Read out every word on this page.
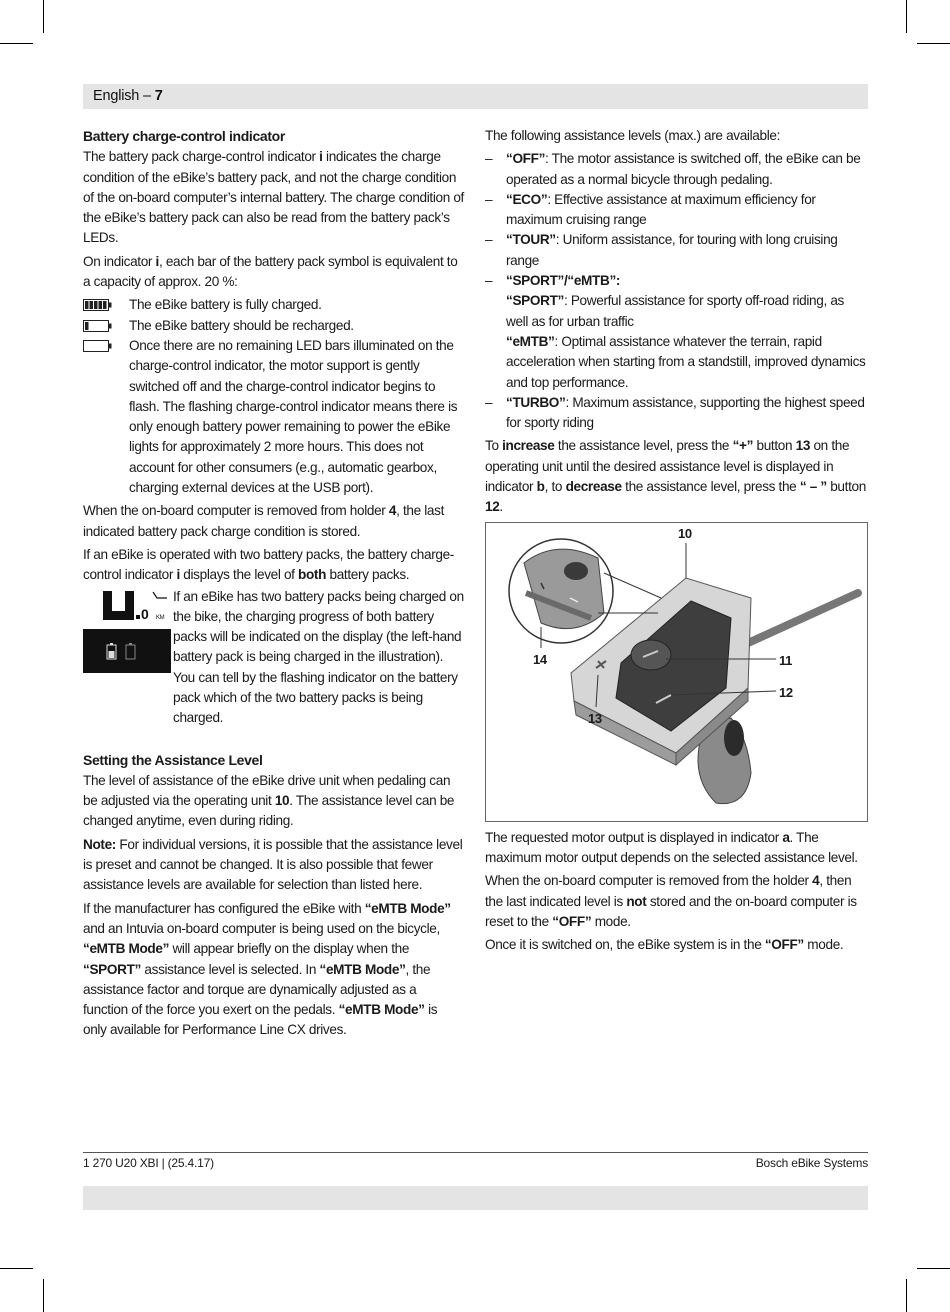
English – 7
Battery charge-control indicator

The battery pack charge-control indicator i indicates the charge condition of the eBike’s battery pack, and not the charge condition of the on-board computer’s internal battery. The charge condition of the eBike’s battery pack can also be read from the battery pack’s LEDs.

On indicator i, each bar of the battery pack symbol is equivalent to a capacity of approx. 20 %:

The eBike battery is fully charged.
The eBike battery should be recharged.
Once there are no remaining LED bars illuminated on the charge-control indicator, the motor support is gently switched off and the charge-control indicator begins to flash. The flashing charge-control indicator means there is only enough battery power remaining to power the eBike lights for approximately 2 more hours. This does not account for other consumers (e.g., automatic gearbox, charging external devices at the USB port).

When the on-board computer is removed from holder 4, the last indicated battery pack charge condition is stored.

If an eBike is operated with two battery packs, the battery charge-control indicator i displays the level of both battery packs.

0 KM
If an eBike has two battery packs being charged on the bike, the charging progress of both battery packs will be indicated on the display (the left-hand battery pack is being charged in the illustration). You can tell by the flashing indicator on the battery pack which of the two battery packs is being charged.
Setting the Assistance Level

The level of assistance of the eBike drive unit when pedaling can be adjusted via the operating unit 10. The assistance level can be changed anytime, even during riding.

Note: For individual versions, it is possible that the assistance level is preset and cannot be changed. It is also possible that fewer assistance levels are available for selection than listed here.

If the manufacturer has configured the eBike with “eMTB Mode” and an Intuvia on-board computer is being used on the bicycle, “eMTB Mode” will appear briefly on the display when the “SPORT” assistance level is selected. In “eMTB Mode”, the assistance factor and torque are dynamically adjusted as a function of the force you exert on the pedals. “eMTB Mode” is only available for Performance Line CX drives.

The following assistance levels (max.) are available:

– “OFF”: The motor assistance is switched off, the eBike can be operated as a normal bicycle through pedaling.
– “ECO”: Effective assistance at maximum efficiency for maximum cruising range
– “TOUR”: Uniform assistance, for touring with long cruising range
– “SPORT”/“eMTB”:
“SPORT”: Powerful assistance for sporty off-road riding, as well as for urban traffic
“eMTB”: Optimal assistance whatever the terrain, rapid acceleration when starting from a standstill, improved dynamics and top performance.
– “TURBO”: Maximum assistance, supporting the highest speed for sporty riding

To increase the assistance level, press the “+” button 13 on the operating unit until the desired assistance level is displayed in indicator b, to decrease the assistance level, press the “ – ” button 12.

10
11
12
13
14

The requested motor output is displayed in indicator a. The maximum motor output depends on the selected assistance level.

When the on-board computer is removed from the holder 4, then the last indicated level is not stored and the on-board computer is reset to the “OFF” mode.

Once it is switched on, the eBike system is in the “OFF” mode.

1 270 U20 XBI | (25.4.17)	Bosch eBike Systems
